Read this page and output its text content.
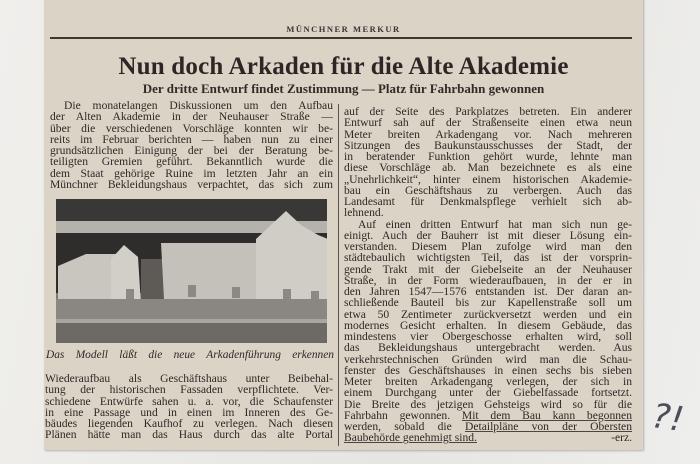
MÜNCHNER MERKUR
Nun doch Arkaden für die Alte Akademie
Der dritte Entwurf findet Zustimmung — Platz für Fahrbahn gewonnen
Die monatelangen Diskussionen um den Aufbau
der Alten Akademie in der Neuhauser Straße —
über die verschiedenen Vorschläge konnten wir be-
reits im Februar berichten — haben nun zu einer
grundsätzlichen Einigung der bei der Beratung be-
teiligten Gremien geführt. Bekanntlich wurde die
dem Staat gehörige Ruine im letzten Jahr an ein
Münchner Bekleidungshaus verpachtet, das sich zum
Das Modell läßt die neue Arkadenführung erkennen
Wiederaufbau als Geschäftshaus unter Beibehal-
tung der historischen Fassaden verpflichtete. Ver-
schiedene Entwürfe sahen u. a. vor, die Schaufenster
in eine Passage und in einen im Inneren des Ge-
bäudes liegenden Kaufhof zu verlegen. Nach diesen
Plänen hätte man das Haus durch das alte Portal
auf der Seite des Parkplatzes betreten. Ein anderer
Entwurf sah auf der Straßenseite einen etwa neun
Meter breiten Arkadengang vor. Nach mehreren
Sitzungen des Baukunstausschusses der Stadt, der
in beratender Funktion gehört wurde, lehnte man
diese Vorschläge ab. Man bezeichnete es als eine
„Unehrlichkeit“, hinter einem historischen Akademie-
bau ein Geschäftshaus zu verbergen. Auch das
Landesamt für Denkmalspflege verhielt sich ab-
lehnend.
Auf einen dritten Entwurf hat man sich nun ge-
einigt. Auch der Bauherr ist mit dieser Lösung ein-
verstanden. Diesem Plan zufolge wird man den
städtebaulich wichtigsten Teil, das ist der vorsprin-
gende Trakt mit der Giebelseite an der Neuhauser
Straße, in der Form wiederaufbauen, in der er in
den Jahren 1547—1576 entstanden ist. Der daran an-
schließende Bauteil bis zur Kapellenstraße soll um
etwa 50 Zentimeter zurückversetzt werden und ein
modernes Gesicht erhalten. In diesem Gebäude, das
mindestens vier Obergeschosse erhalten wird, soll
das Bekleidungshaus untergebracht werden. Aus
verkehrstechnischen Gründen wird man die Schau-
fenster des Geschäftshauses in einen sechs bis sieben
Meter breiten Arkadengang verlegen, der sich in
einem Durchgang unter der Giebelfassade fortsetzt.
Die Breite des jetzigen Gehsteigs wird so für die
Fahrbahn gewonnen. Mit dem Bau kann begonnen
werden, sobald die Detailpläne von der Obersten
Baubehörde genehmigt sind.	-erz. ?!
